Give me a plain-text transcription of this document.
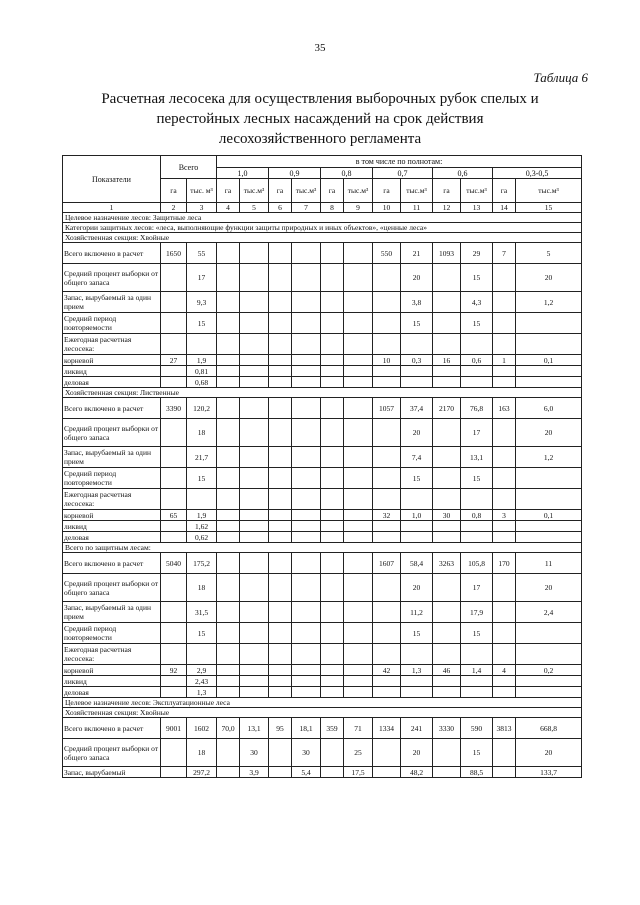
35
Таблица 6
Расчетная лесосека для осуществления выборочных рубок спелых и
перестойных лесных насаждений на срок действия
лесохозяйственного регламента
Показатели	Всего		в том числе по полнотам:											
			1,0		0,9		0,8		0,7		0,6		0,3-0,5	
	га	тыс. м³	га	тыс.м³	га	тыс.м³	га	тыс.м³	га	тыс.м³	га	тыс.м³	га	тыс.м³
1	2	3	4	5	6	7	8	9	10	11	12	13	14	15
Целевое назначение лесов: Защитные леса														
Категории защитных лесов: «леса, выполняющие функции защиты природных и иных объектов», «ценные леса»														
Хозяйственная секция: Хвойные														
Всего включено в расчет	1650	55							550	21	1093	29	7	5
Средний процент выборки от общего запаса		17								20		15		20
Запас, вырубаемый за один прием		9,3								3,8		4,3		1,2
Средний период повторяемости		15								15		15		
Ежегодная расчетная лесосека:														
корневой	27	1,9							10	0,3	16	0,6	1	0,1
ликвид		0,81												
деловая		0,68												
Хозяйственная секция: Лиственные														
Всего включено в расчет	3390	120,2							1057	37,4	2170	76,8	163	6,0
Средний процент выборки от общего запаса		18								20		17		20
Запас, вырубаемый за один прием		21,7								7,4		13,1		1,2
Средний период повторяемости		15								15		15		
Ежегодная расчетная лесосека:														
корневой	65	1,9							32	1,0	30	0,8	3	0,1
ликвид		1,62												
деловая		0,62												
Всего по защитным лесам:														
Всего включено в расчет	5040	175,2							1607	58,4	3263	105,8	170	11
Средний процент выборки от общего запаса		18								20		17		20
Запас, вырубаемый за один прием		31,5								11,2		17,9		2,4
Средний период повторяемости		15								15		15		
Ежегодная расчетная лесосека:														
корневой	92	2,9							42	1,3	46	1,4	4	0,2
ликвид		2,43												
деловая		1,3												
Целевое назначение лесов: Эксплуатационные леса														
Хозяйственная секция: Хвойные														
Всего включено в расчет	9001	1602	70,0	13,1	95	18,1	359	71	1334	241	3330	590	3813	668,8
Средний процент выборки от общего запаса		18		30		30		25		20		15		20
Запас, вырубаемый		297,2		3,9		5,4		17,5		48,2		88,5		133,7
